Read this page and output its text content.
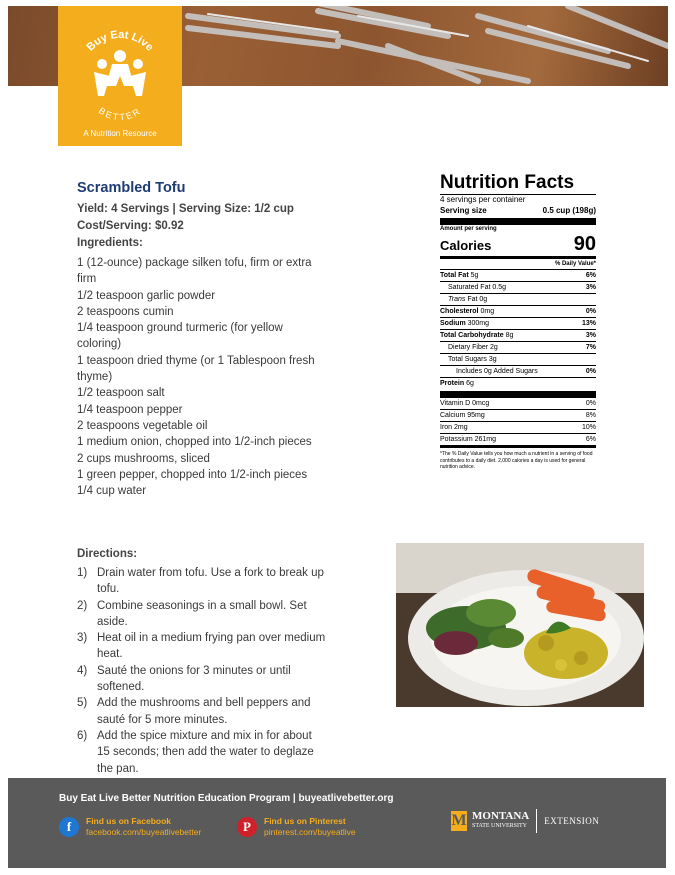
Buy Eat Live
BETTER
A Nutrition Resource
Scrambled Tofu
Yield: 4 Servings | Serving Size: 1/2 cup
Cost/Serving: $0.92
Ingredients:
1 (12-ounce) package silken tofu, firm or extra firm
1/2 teaspoon garlic powder
2 teaspoons cumin
1/4 teaspoon ground turmeric (for yellow coloring)
1 teaspoon dried thyme (or 1 Tablespoon fresh thyme)
1/2 teaspoon salt
1/4 teaspoon pepper
2 teaspoons vegetable oil
1 medium onion, chopped into 1/2-inch pieces
2 cups mushrooms, sliced
1 green pepper, chopped into 1/2-inch pieces
1/4 cup water
Directions:
1) Drain water from tofu. Use a fork to break up tofu.
2) Combine seasonings in a small bowl. Set aside.
3) Heat oil in a medium frying pan over medium heat.
4) Sauté the onions for 3 minutes or until softened.
5) Add the mushrooms and bell peppers and sauté for 5 more minutes.
6) Add the spice mixture and mix in for about 15 seconds; then add the water to deglaze the pan.
Nutrition Facts
4 servings per container
Serving size	0.5 cup (198g)
Amount per serving
Calories	90
% Daily Value*
Total Fat 5g	6%
Saturated Fat 0.5g	3%
Trans Fat 0g
Cholesterol 0mg	0%
Sodium 300mg	13%
Total Carbohydrate 8g	3%
Dietary Fiber 2g	7%
Total Sugars 3g
Includes 0g Added Sugars	0%
Protein 6g
Vitamin D 0mcg	0%
Calcium 95mg	8%
Iron 2mg	10%
Potassium 261mg	6%
*The % Daily Value tells you how much a nutrient in a serving of food contributes to a daily diet. 2,000 calories a day is used for general nutrition advice.
Buy Eat Live Better Nutrition Education Program | buyeatlivebetter.org
f	Find us on Facebook
facebook.com/buyeatlivebetter	P	Find us on Pinterest
pinterest.com/buyeatlive
M MONTANA
STATE UNIVERSITY EXTENSION
